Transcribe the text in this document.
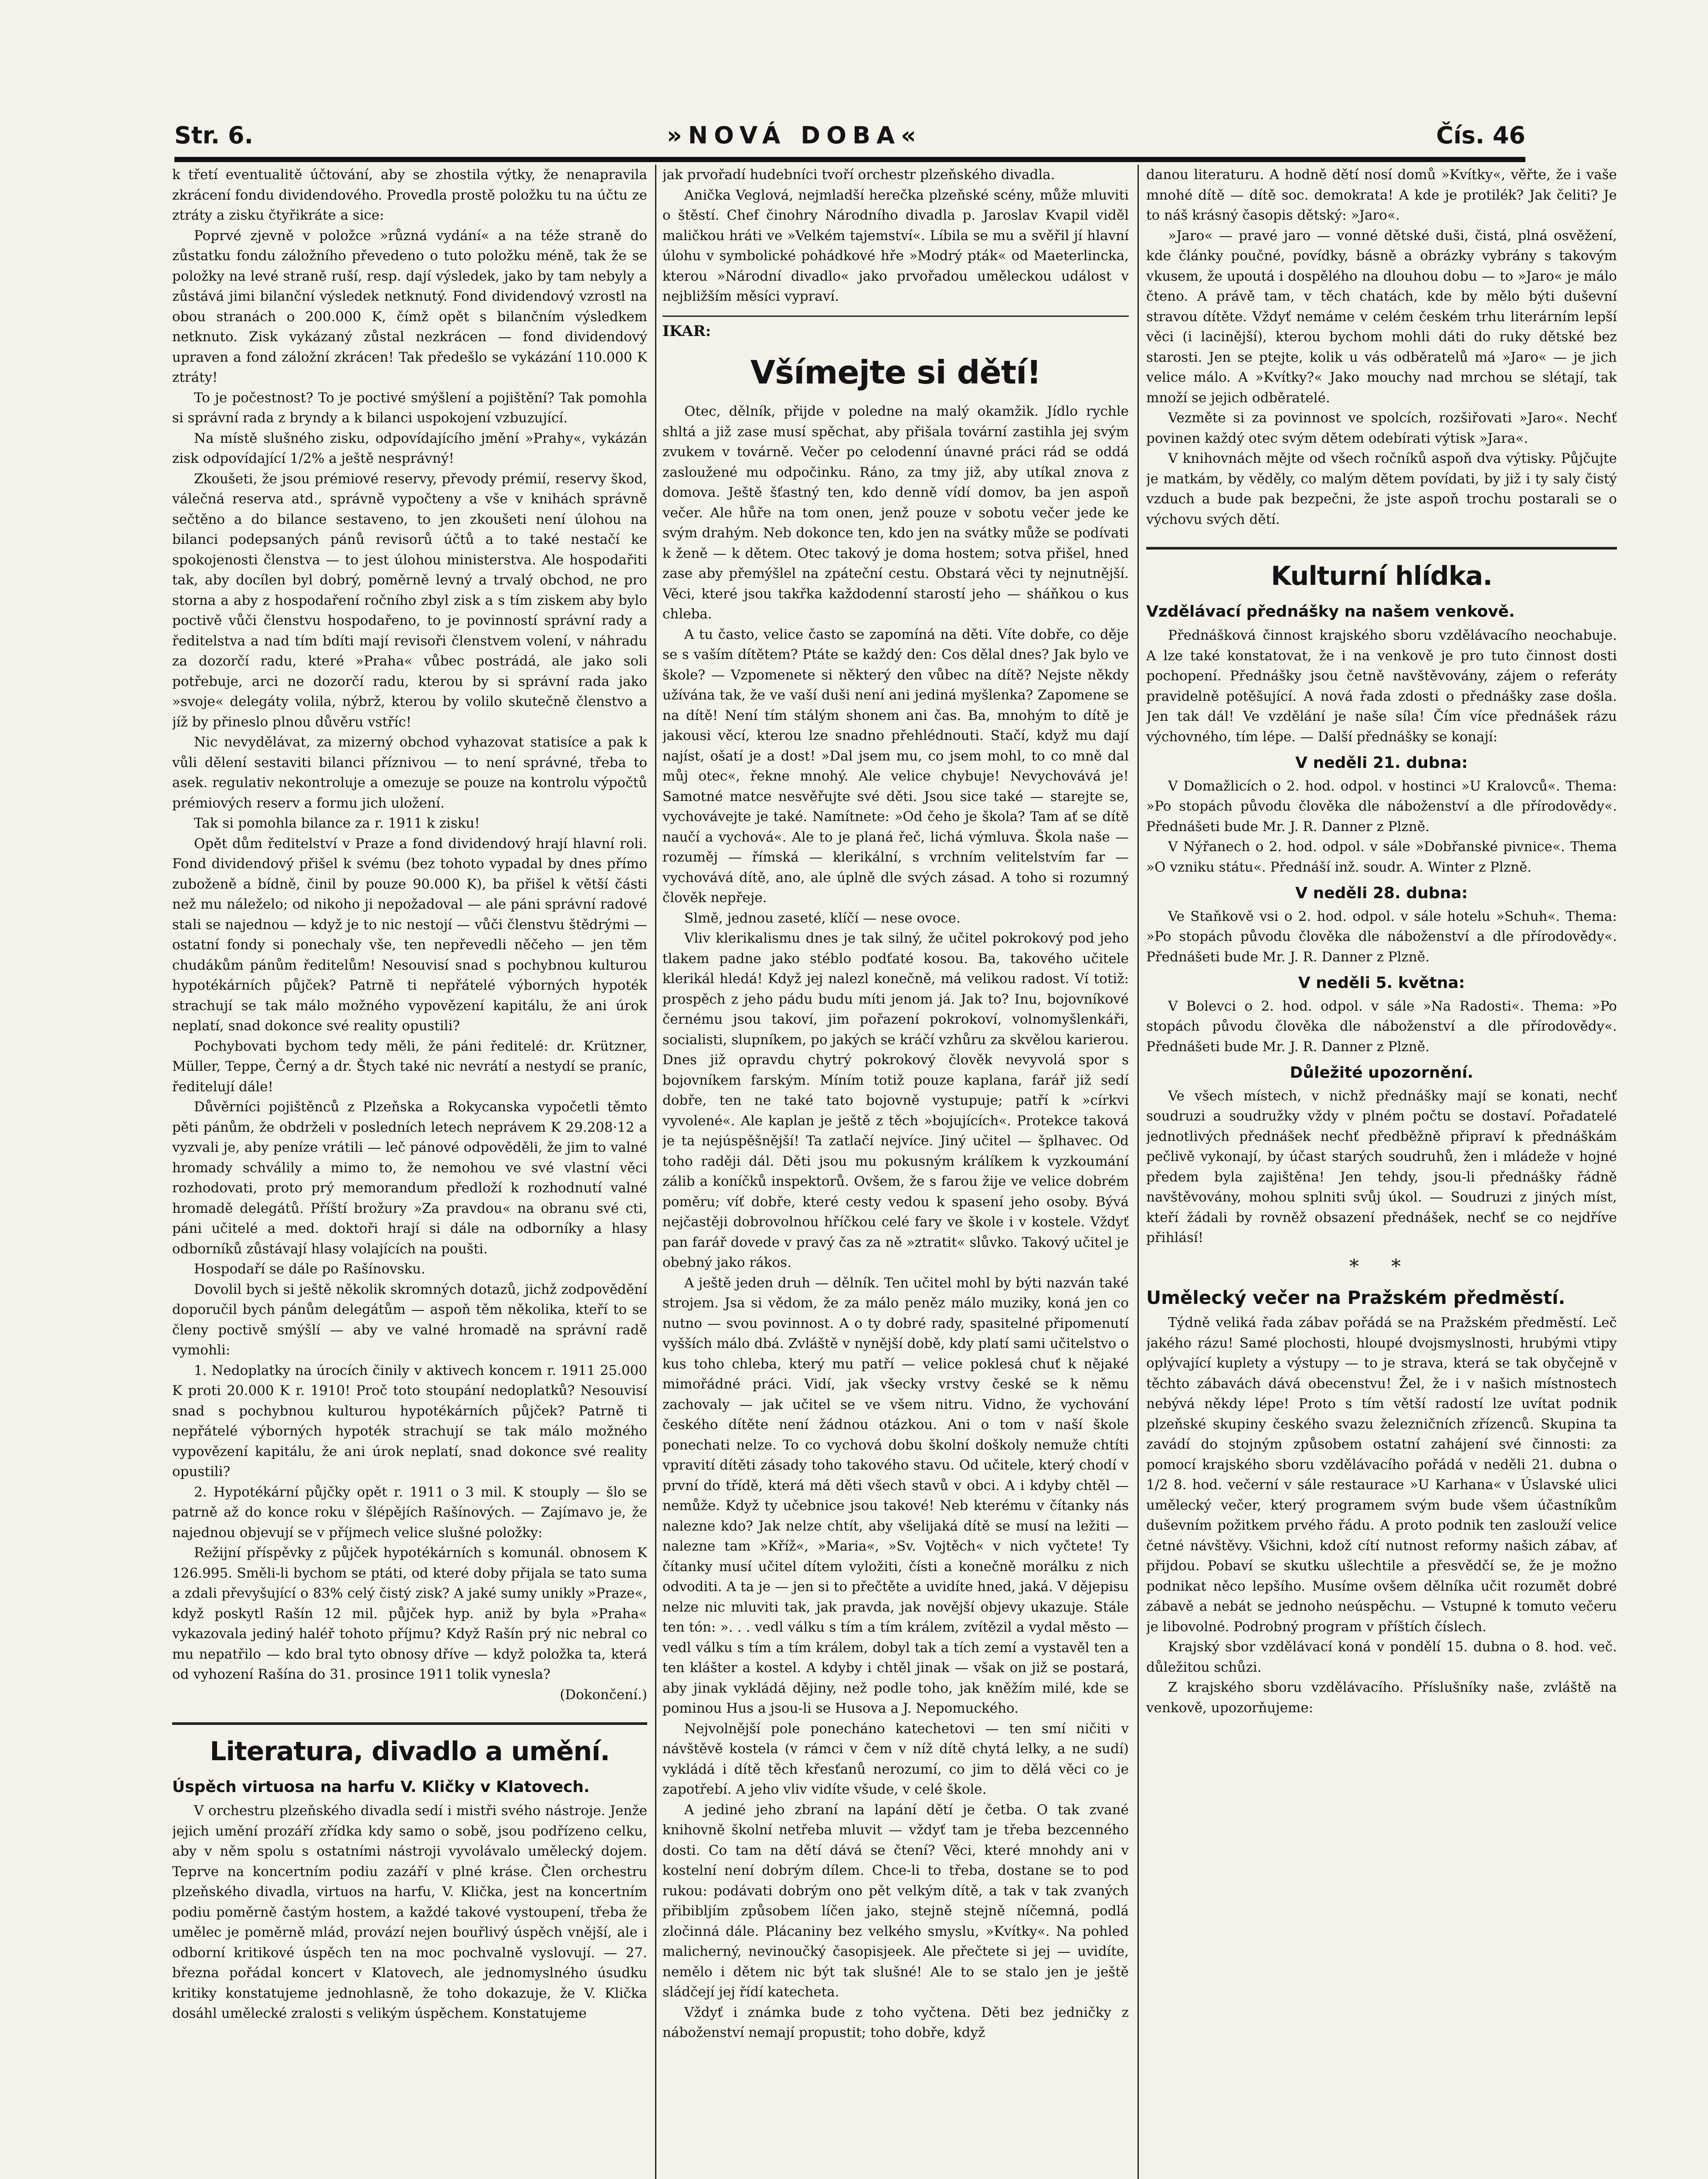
Str. 6.	»NOVÁ DOBA«	Čís. 46

k třetí eventualitě účtování, aby se zhostila výtky, že nenapravila zkrácení fondu dividendového. Provedla prostě položku tu na účtu ze ztráty a zisku čtyřikráte a sice:

Poprvé zjevně v položce »různá vydání« a na téže straně do zůstatku fondu záložního převedeno o tuto položku méně, tak že se položky na levé straně ruší, resp. dají výsledek, jako by tam nebyly a zůstává jimi bilanční výsledek netknutý. Fond dividendový vzrostl na obou stranách o 200.000 K, čímž opět s bilančním výsledkem netknuto. Zisk vykázaný zůstal nezkrácen — fond dividendový upraven a fond záložní zkrácen! Tak předešlo se vykázání 110.000 K ztráty!

To je počestnost? To je poctivé smýšlení a pojištění? Tak pomohla si správní rada z bryndy a k bilanci uspokojení vzbuzující.

Na místě slušného zisku, odpovídajícího jmění »Prahy«, vykázán zisk odpovídající 1/2% a ještě nesprávný!

Zkoušeti, že jsou prémiové reservy, převody prémií, reservy škod, válečná reserva atd., správně vypočteny a vše v knihách správně sečtěno a do bilance sestaveno, to jen zkoušeti není úlohou na bilanci podepsaných pánů revisorů účtů a to také nestačí ke spokojenosti členstva — to jest úlohou ministerstva. Ale hospodařiti tak, aby docílen byl dobrý, poměrně levný a trvalý obchod, ne pro storna a aby z hospodaření ročního zbyl zisk a s tím ziskem aby bylo poctivě vůči členstvu hospodařeno, to je povinností správní rady a ředitelstva a nad tím bdíti mají revisoři členstvem volení, v náhradu za dozorčí radu, které »Praha« vůbec postrádá, ale jako soli potřebuje, arci ne dozorčí radu, kterou by si správní rada jako »svoje« delegáty volila, nýbrž, kterou by volilo skutečně členstvo a jíž by přineslo plnou důvěru vstříc!

Nic nevydělávat, za mizerný obchod vyhazovat statisíce a pak k vůli dělení sestaviti bilanci příznivou — to není správné, třeba to asek. regulativ nekontroluje a omezuje se pouze na kontrolu výpočtů prémiových reserv a formu jich uložení.

Tak si pomohla bilance za r. 1911 k zisku!

Opět dům ředitelství v Praze a fond dividendový hrají hlavní roli. Fond dividendový přišel k svému (bez tohoto vypadal by dnes přímo zuboženě a bídně, činil by pouze 90.000 K), ba přišel k větší části než mu náleželo; od nikoho ji nepožadoval — ale páni správní radové stali se najednou — když je to nic nestojí — vůči členstvu štědrými — ostatní fondy si ponechaly vše, ten nepřevedli něčeho — jen těm chudákům pánům ředitelům! Nesouvisí snad s pochybnou kulturou hypotékárních půjček? Patrně ti nepřátelé výborných hypoték strachují se tak málo možného vypovězení kapitálu, že ani úrok neplatí, snad dokonce své reality opustili?

Pochybovati bychom tedy měli, že páni ředitelé: dr. Krützner, Müller, Teppe, Černý a dr. Štych také nic nevrátí a nestydí se praníc, ředitelují dále!

Důvěrníci pojištěnců z Plzeňska a Rokycanska vypočetli těmto pěti pánům, že obdrželi v posledních letech neprávem K 29.208·12 a vyzvali je, aby peníze vrátili — leč pánové odpověděli, že jim to valné hromady schválily a mimo to, že nemohou ve své vlastní věci rozhodovati, proto prý memorandum předloží k rozhodnutí valné hromadě delegátů. Příští brožury »Za pravdou« na obranu své cti, páni učitelé a med. doktoři hrají si dále na odborníky a hlasy odborníků zůstávají hlasy volajících na poušti.

Hospodaří se dále po Rašínovsku.

Dovolil bych si ještě několik skromných dotazů, jichž zodpovědění doporučil bych pánům delegátům — aspoň těm několika, kteří to se členy poctivě smýšlí — aby ve valné hromadě na správní radě vymohli:

1. Nedoplatky na úrocích činily v aktivech koncem r. 1911 25.000 K proti 20.000 K r. 1910! Proč toto stoupání nedoplatků? Nesouvisí snad s pochybnou kulturou hypotékárních půjček? Patrně ti nepřátelé výborných hypoték strachují se tak málo možného vypovězení kapitálu, že ani úrok neplatí, snad dokonce své reality opustili?

2. Hypotékární půjčky opět r. 1911 o 3 mil. K stouply — šlo se patrně až do konce roku v šlépějích Rašínových. — Zajímavo je, že najednou objevují se v příjmech velice slušné položky:

Režijní příspěvky z půjček hypotékárních s komunál. obnosem K 126.995. Směli-li bychom se ptáti, od které doby přijala se tato suma a zdali převyšující o 83% celý čistý zisk? A jaké sumy unikly »Praze«, když poskytl Rašín 12 mil. půjček hyp. aniž by byla »Praha« vykazovala jediný haléř tohoto příjmu? Když Rašín prý nic nebral co mu nepatřilo — kdo bral tyto obnosy dříve — když položka ta, která od vyhození Rašína do 31. prosince 1911 tolik vynesla?

(Dokončení.)

Literatura, divadlo a umění.
Úspěch virtuosa na harfu V. Kličky v Klatovech.

V orchestru plzeňského divadla sedí i mistři svého nástroje. Jenže jejich umění prozáří zřídka kdy samo o sobě, jsou podřízeno celku, aby v něm spolu s ostatními nástroji vyvolávalo umělecký dojem. Teprve na koncertním podiu zazáří v plné kráse. Člen orchestru plzeňského divadla, virtuos na harfu, V. Klička, jest na koncertním podiu poměrně častým hostem, a každé takové vystoupení, třeba že umělec je poměrně mlád, provází nejen bouřlivý úspěch vnější, ale i odborní kritikové úspěch ten na moc pochvalně vyslovují. — 27. března pořádal koncert v Klatovech, ale jednomyslného úsudku kritiky konstatujeme jednohlasně, že toho dokazuje, že V. Klička dosáhl umělecké zralosti s velikým úspěchem. Konstatujeme

jak prvořadí hudebníci tvoří orchestr plzeňského divadla.

Anička Veglová, nejmladší herečka plzeňské scény, může mluviti o štěstí. Chef činohry Národního divadla p. Jaroslav Kvapil viděl maličkou hráti ve »Velkém tajemství«. Líbila se mu a svěřil jí hlavní úlohu v symbolické pohádkové hře »Modrý pták« od Maeterlincka, kterou »Národní divadlo« jako prvořadou uměleckou událost v nejbližším měsíci vypraví.

IKAR:
Všímejte si dětí!

Otec, dělník, přijde v poledne na malý okamžik. Jídlo rychle shltá a již zase musí spěchat, aby přišala tovární zastihla jej svým zvukem v továrně. Večer po celodenní únavné práci rád se oddá zasloužené mu odpočinku. Ráno, za tmy již, aby utíkal znova z domova. Ještě šťastný ten, kdo denně vídí domov, ba jen aspoň večer. Ale hůře na tom onen, jenž pouze v sobotu večer jede ke svým drahým. Neb dokonce ten, kdo jen na svátky může se podívati k ženě — k dětem. Otec takový je doma hostem; sotva přišel, hned zase aby přemýšlel na zpáteční cestu. Obstará věci ty nejnutnější. Věci, které jsou takřka každodenní starostí jeho — sháňkou o kus chleba.

A tu často, velice často se zapomíná na děti. Víte dobře, co děje se s vaším dítětem? Ptáte se každý den: Cos dělal dnes? Jak bylo ve škole? — Vzpomenete si některý den vůbec na dítě? Nejste někdy užívána tak, že ve vaší duši není ani jediná myšlenka? Zapomene se na dítě! Není tím stálým shonem ani čas. Ba, mnohým to dítě je jakousi věcí, kterou lze snadno přehlédnouti. Stačí, když mu dají najíst, ošatí je a dost! »Dal jsem mu, co jsem mohl, to co mně dal můj otec«, řekne mnohý. Ale velice chybuje! Nevychovává je! Samotné matce nesvěřujte své děti. Jsou sice také — starejte se, vychovávejte je také. Namítnete: »Od čeho je škola? Tam ať se dítě naučí a vychová«. Ale to je planá řeč, lichá výmluva. Škola naše — rozuměj — římská — klerikální, s vrchním velitelstvím far — vychovává dítě, ano, ale úplně dle svých zásad. A toho si rozumný člověk nepřeje.

Slmě, jednou zaseté, klíčí — nese ovoce.

Vliv klerikalismu dnes je tak silný, že učitel pokrokový pod jeho tlakem padne jako stéblo podťaté kosou. Ba, takového učitele klerikál hledá! Když jej nalezl konečně, má velikou radost. Ví totiž: prospěch z jeho pádu budu míti jenom já. Jak to? Inu, bojovníkové černému jsou takoví, jim pořazení pokrokoví, volnomyšlenkáři, socialisti, slupníkem, po jakých se kráčí vzhůru za skvělou karierou. Dnes již opravdu chytrý pokrokový člověk nevyvolá spor s bojovníkem farským. Míním totiž pouze kaplana, farář již sedí dobře, ten ne také tato bojovně vystupuje; patří k »církvi vyvolené«. Ale kaplan je ještě z těch »bojujících«. Protekce taková je ta nejúspěšnější! Ta zatlačí nejvíce. Jiný učitel — šplhavec. Od toho raději dál. Děti jsou mu pokusným králíkem k vyzkoumání zálib a koníčků inspektorů. Ovšem, že s farou žije ve velice dobrém poměru; víť dobře, které cesty vedou k spasení jeho osoby. Bývá nejčastěji dobrovolnou hříčkou celé fary ve škole i v kostele. Vždyť pan farář dovede v pravý čas za ně »ztratit« slůvko. Takový učitel je obebný jako rákos.

A ještě jeden druh — dělník. Ten učitel mohl by býti nazván také strojem. Jsa si vědom, že za málo peněz málo muziky, koná jen co nutno — svou povinnost. A o ty dobré rady, spasitelné připomenutí vyšších málo dbá. Zvláště v nynější době, kdy platí sami učitelstvo o kus toho chleba, který mu patří — velice poklesá chuť k nějaké mimořádné práci. Vidí, jak všecky vrstvy české se k němu zachovaly — jak učitel se ve všem nitru. Vidno, že vychování českého dítěte není žádnou otázkou. Ani o tom v naší škole ponechati nelze. To co vychová dobu školní doškoly nemuže chtíti vpravití dítěti zásady toho takového stavu. Od učitele, který chodí v první do třídě, která má děti všech stavů v obci. A i kdyby chtěl — nemůže. Když ty učebnice jsou takové! Neb kterému v čítanky nás nalezne kdo? Jak nelze chtít, aby všelijaká dítě se musí na ležiti — nalezne tam »Kříž«, »Maria«, »Sv. Vojtěch« v nich vyčtete! Ty čítanky musí učitel dítem vyložiti, čísti a konečně morálku z nich odvoditi. A ta je — jen si to přečtěte a uvidíte hned, jaká. V dějepisu nelze nic mluviti tak, jak pravda, jak novější objevy ukazuje. Stále ten tón: ». . . vedl válku s tím a tím králem, zvítězil a vydal město — vedl válku s tím a tím králem, dobyl tak a tích zemí a vystavěl ten a ten klášter a kostel. A kdyby i chtěl jinak — však on již se postará, aby jinak vykládá dějiny, než podle toho, jak kněžím milé, kde se pominou Hus a jsou-li se Husova a J. Nepomuckého.

Nejvolnější pole ponecháno katechetovi — ten smí ničiti v návštěvě kostela (v rámci v čem v níž dítě chytá lelky, a ne sudí) vykládá i dítě těch křesťanů nerozumí, co jim to dělá věci co je zapotřebí. A jeho vliv vidíte všude, v celé škole.

A jediné jeho zbraní na lapání dětí je četba. O tak zvané knihovně školní netřeba mluvit — vždyť tam je třeba bezcenného dosti. Co tam na dětí dává se čtení? Věci, které mnohdy ani v kostelní není dobrým dílem. Chce-li to třeba, dostane se to pod rukou: podávati dobrým ono pět velkým dítě, a tak v tak zvaných přibibljím způsobem líčen jako, stejně stejně níčemná, podlá zločinná dále. Plácaniny bez velkého smyslu, »Kvítky«. Na pohled malicherný, nevinoučký časopisjeek. Ale přečtete si jej — uvidíte, nemělo i dětem nic být tak slušné! Ale to se stalo jen je ještě sládčejí jej řídí katecheta.

Vždyť i známka bude z toho vyčtena. Děti bez jedničky z náboženství nemají propustit; toho dobře, když

danou literaturu. A hodně dětí nosí domů »Kvítky«, věřte, že i vaše mnohé dítě — dítě soc. demokrata! A kde je protilék? Jak čeliti? Je to náš krásný časopis dětský: »Jaro«.

»Jaro« — pravé jaro — vonné dětské duši, čistá, plná osvěžení, kde články poučné, povídky, básně a obrázky vybrány s takovým vkusem, že upoutá i dospělého na dlouhou dobu — to »Jaro« je málo čteno. A právě tam, v těch chatách, kde by mělo býti duševní stravou dítěte. Vždyť nemáme v celém českém trhu literárním lepší věci (i lacinější), kterou bychom mohli dáti do ruky dětské bez starosti. Jen se ptejte, kolik u vás odběratelů má »Jaro« — je jich velice málo. A »Kvítky?« Jako mouchy nad mrchou se slétají, tak množí se jejich odběratelé.

Vezměte si za povinnost ve spolcích, rozšiřovati »Jaro«. Nechť povinen každý otec svým dětem odebírati výtisk »Jara«.

V knihovnách mějte od všech ročníků aspoň dva výtisky. Půjčujte je matkám, by věděly, co malým dětem povídati, by již i ty saly čistý vzduch a bude pak bezpečni, že jste aspoň trochu postarali se o výchovu svých dětí.

Kulturní hlídka.
Vzdělávací přednášky na našem venkově.

Přednášková činnost krajského sboru vzdělávacího neochabuje. A lze také konstatovat, že i na venkově je pro tuto činnost dosti pochopení. Přednášky jsou četně navštěvovány, zájem o referáty pravidelně potěšující. A nová řada zdosti o přednášky zase došla. Jen tak dál! Ve vzdělání je naše síla! Čím více přednášek rázu výchovného, tím lépe. — Další přednášky se konají:

V neděli 21. dubna:

V Domažlicích o 2. hod. odpol. v hostinci »U Kralovců«. Thema: »Po stopách původu člověka dle náboženství a dle přírodovědy«. Přednášeti bude Mr. J. R. Danner z Plzně.

V Nýřanech o 2. hod. odpol. v sále »Dobřanské pivnice«. Thema »O vzniku státu«. Přednáší inž. soudr. A. Winter z Plzně.

V neděli 28. dubna:

Ve Staňkově vsi o 2. hod. odpol. v sále hotelu »Schuh«. Thema: »Po stopách původu člověka dle náboženství a dle přírodovědy«. Přednášeti bude Mr. J. R. Danner z Plzně.

V neděli 5. května:

V Bolevci o 2. hod. odpol. v sále »Na Radosti«. Thema: »Po stopách původu člověka dle náboženství a dle přírodovědy«. Přednášeti bude Mr. J. R. Danner z Plzně.

Důležité upozornění.

Ve všech místech, v nichž přednášky mají se konati, nechť soudruzi a soudružky vždy v plném počtu se dostaví. Pořadatelé jednotlivých přednášek nechť předběžně připraví k přednáškám pečlivě vykonají, by účast starých soudruhů, žen i mládeže v hojné předem byla zajištěna! Jen tehdy, jsou-li přednášky řádně navštěvovány, mohou splniti svůj úkol. — Soudruzi z jiných míst, kteří žádali by rovněž obsazení přednášek, nechť se co nejdříve přihlásí!

* *
Umělecký večer na Pražském předměstí.

Týdně veliká řada zábav pořádá se na Pražském předměstí. Leč jakého rázu! Samé plochosti, hloupé dvojsmyslnosti, hrubými vtipy oplývající kuplety a výstupy — to je strava, která se tak obyčejně v těchto zábavách dává obecenstvu! Žel, že i v našich místnostech nebývá někdy lépe! Proto s tím větší radostí lze uvítat podnik plzeňské skupiny českého svazu železničních zřízenců. Skupina ta zavádí do stojným způsobem ostatní zahájení své činnosti: za pomocí krajského sboru vzdělávacího pořádá v neděli 21. dubna o 1/2 8. hod. večerní v sále restaurace »U Karhana« v Úslavské ulici umělecký večer, který programem svým bude všem účastníkům duševním požitkem prvého řádu. A proto podnik ten zaslouží velice četné návštěvy. Všichni, kdož cítí nutnost reformy našich zábav, ať přijdou. Pobaví se skutku ušlechtile a přesvědčí se, že je možno podnikat něco lepšího. Musíme ovšem dělníka učit rozumět dobré zábavě a nebát se jednoho neúspěchu. — Vstupné k tomuto večeru je libovolné. Podrobný program v příštích číslech.

Krajský sbor vzdělávací koná v pondělí 15. dubna o 8. hod. več. důležitou schůzi.

Z krajského sboru vzdělávacího. Příslušníky naše, zvláště na venkově, upozorňujeme:
